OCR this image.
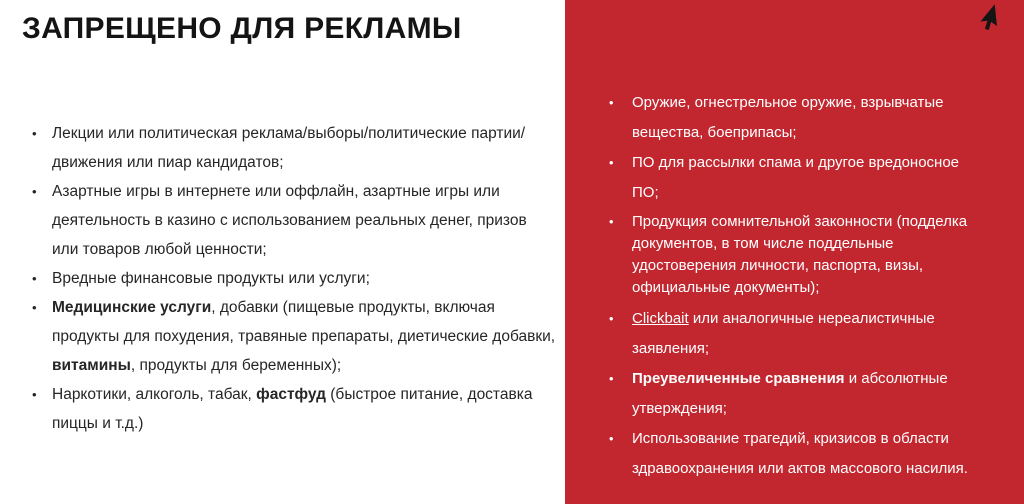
ЗАПРЕЩЕНО ДЛЯ РЕКЛАМЫ
• Лекции или политическая реклама/выборы/политические партии/движения или пиар кандидатов;
• Азартные игры в интернете или оффлайн, азартные игры или деятельность в казино с использованием реальных денег, призов или товаров любой ценности;
• Вредные финансовые продукты или услуги;
• Медицинские услуги, добавки (пищевые продукты, включая продукты для похудения, травяные препараты, диетические добавки, витамины, продукты для беременных);
• Наркотики, алкоголь, табак, фастфуд (быстрое питание, доставка пиццы и т.д.)
• Оружие, огнестрельное оружие, взрывчатые вещества, боеприпасы;
• ПО для рассылки спама и другое вредоносное ПО;
• Продукция сомнительной законности (подделка документов, в том числе поддельные удостоверения личности, паспорта, визы, официальные документы);
• Clickbait или аналогичные нереалистичные заявления;
• Преувеличенные сравнения и абсолютные утверждения;
• Использование трагедий, кризисов в области здравоохранения или актов массового насилия.
